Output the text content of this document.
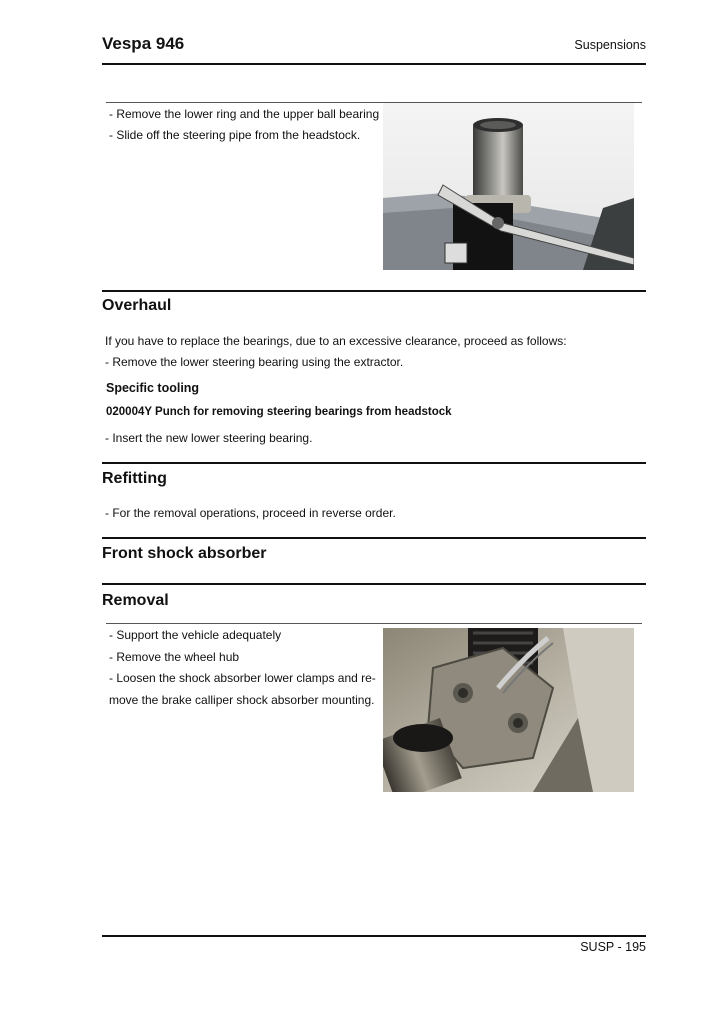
Vespa 946	Suspensions
- Remove the lower ring and the upper ball bearing
- Slide off the steering pipe from the headstock.
Overhaul
If you have to replace the bearings, due to an excessive clearance, proceed as follows:
- Remove the lower steering bearing using the extractor.
Specific tooling
020004Y Punch for removing steering bearings from headstock
- Insert the new lower steering bearing.
Refitting
- For the removal operations, proceed in reverse order.
Front shock absorber
Removal
- Support the vehicle adequately
- Remove the wheel hub
- Loosen the shock absorber lower clamps and re-
move the brake calliper shock absorber mounting.
SUSP - 195
